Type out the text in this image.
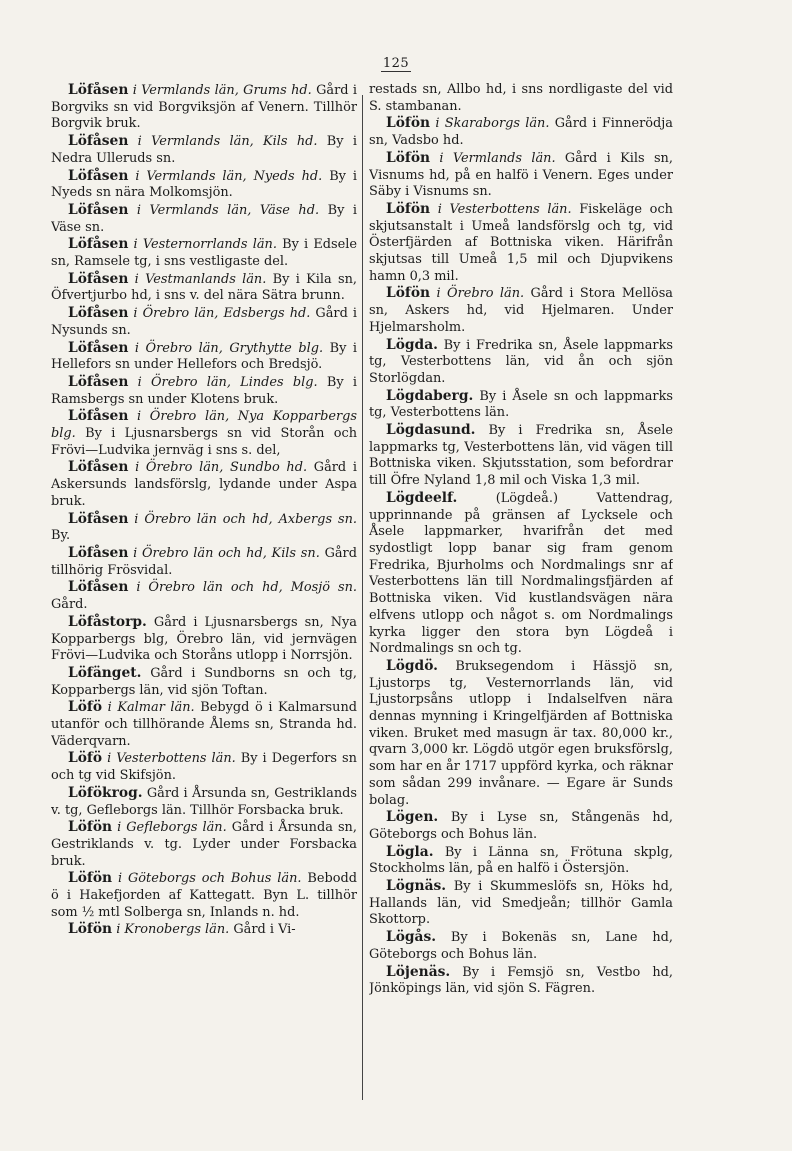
125

Löfåsen i Vermlands län, Grums hd. Gård i Borgviks sn vid Borgviksjön af Venern. Tillhör Borgvik bruk.

Löfåsen i Vermlands län, Kils hd. By i Nedra Ulleruds sn.

Löfåsen i Vermlands län, Nyeds hd. By i Nyeds sn nära Molkomsjön.

Löfåsen i Vermlands län, Väse hd. By i Väse sn.

Löfåsen i Vesternorrlands län. By i Edsele sn, Ramsele tg, i sns vestligaste del.

Löfåsen i Vestmanlands län. By i Kila sn, Öfvertjurbo hd, i sns v. del nära Sätra brunn.

Löfåsen i Örebro län, Edsbergs hd. Gård i Nysunds sn.

Löfåsen i Örebro län, Grythytte blg. By i Hellefors sn under Hellefors och Bredsjö.

Löfåsen i Örebro län, Lindes blg. By i Ramsbergs sn under Klotens bruk.

Löfåsen i Örebro län, Nya Kopparbergs blg. By i Ljusnarsbergs sn vid Storån och Frövi—Ludvika jernväg i sns s. del,

Löfåsen i Örebro län, Sundbo hd. Gård i Askersunds landsförslg, lydande under Aspa bruk.

Löfåsen i Örebro län och hd, Axbergs sn. By.

Löfåsen i Örebro län och hd, Kils sn. Gård tillhörig Frösvidal.

Löfåsen i Örebro län och hd, Mosjö sn. Gård.

Löfåstorp. Gård i Ljusnarsbergs sn, Nya Kopparbergs blg, Örebro län, vid jernvägen Frövi—Ludvika och Storåns utlopp i Norrsjön.

Löfänget. Gård i Sundborns sn och tg, Kopparbergs län, vid sjön Toftan.

Löfö i Kalmar län. Bebygd ö i Kalmarsund utanför och tillhörande Ålems sn, Stranda hd. Väderqvarn.

Löfö i Vesterbottens län. By i Degerfors sn och tg vid Skifsjön.

Löfökrog. Gård i Årsunda sn, Gestriklands v. tg, Gefleborgs län. Tillhör Forsbacka bruk.

Löfön i Gefleborgs län. Gård i Årsunda sn, Gestriklands v. tg. Lyder under Forsbacka bruk.

Löfön i Göteborgs och Bohus län. Bebodd ö i Hakefjorden af Kattegatt. Byn L. tillhör som ½ mtl Solberga sn, Inlands n. hd.

Löfön i Kronobergs län. Gård i Vi-

restads sn, Allbo hd, i sns nordligaste del vid S. stambanan.

Löfön i Skaraborgs län. Gård i Finnerödja sn, Vadsbo hd.

Löfön i Vermlands län. Gård i Kils sn, Visnums hd, på en halfö i Venern. Eges under Säby i Visnums sn.

Löfön i Vesterbottens län. Fiskeläge och skjutsanstalt i Umeå landsförslg och tg, vid Österfjärden af Bottniska viken. Härifrån skjutsas till Umeå 1,5 mil och Djupvikens hamn 0,3 mil.

Löfön i Örebro län. Gård i Stora Mellösa sn, Askers hd, vid Hjelmaren. Under Hjelmarsholm.

Lögda. By i Fredrika sn, Åsele lappmarks tg, Vesterbottens län, vid ån och sjön Storlögdan.

Lögdaberg. By i Åsele sn och lappmarks tg, Vesterbottens län.

Lögdasund. By i Fredrika sn, Åsele lappmarks tg, Vesterbottens län, vid vägen till Bottniska viken. Skjutsstation, som befordrar till Öfre Nyland 1,8 mil och Viska 1,3 mil.

Lögdeelf.	(Lögdeå.) Vattendrag, upprinnande på gränsen af Lycksele och Åsele lappmarker, hvarifrån det med sydostligt lopp banar sig fram genom Fredrika, Bjurholms och Nordmalings snr af Vesterbottens län till Nordmalingsfjärden af Bottniska viken. Vid kustlandsvägen nära elfvens utlopp och något s. om Nordmalings kyrka ligger den stora byn Lögdeå i Nordmalings sn och tg.

Lögdö. Bruksegendom i Hässjö sn, Ljustorps tg, Vesternorrlands län, vid Ljustorpsåns utlopp i Indalselfven nära dennas mynning i Kringelfjärden af Bottniska viken. Bruket med masugn är tax. 80,000 kr., qvarn 3,000 kr. Lögdö utgör egen bruksförslg, som har en år 1717 uppförd kyrka, och räknar som sådan 299 invånare. — Egare är Sunds bolag.

Lögen. By i Lyse sn, Stångenäs hd, Göteborgs och Bohus län.

Lögla. By i Länna sn, Frötuna skplg, Stockholms län, på en halfö i Östersjön.

Lögnäs. By i Skummeslöfs sn, Höks hd, Hallands län, vid Smedjeån; tillhör Gamla Skottorp.

Lögås. By i Bokenäs sn, Lane hd, Göteborgs och Bohus län.

Löjenäs. By i Femsjö sn, Vestbo hd, Jönköpings län, vid sjön S. Fägren.
